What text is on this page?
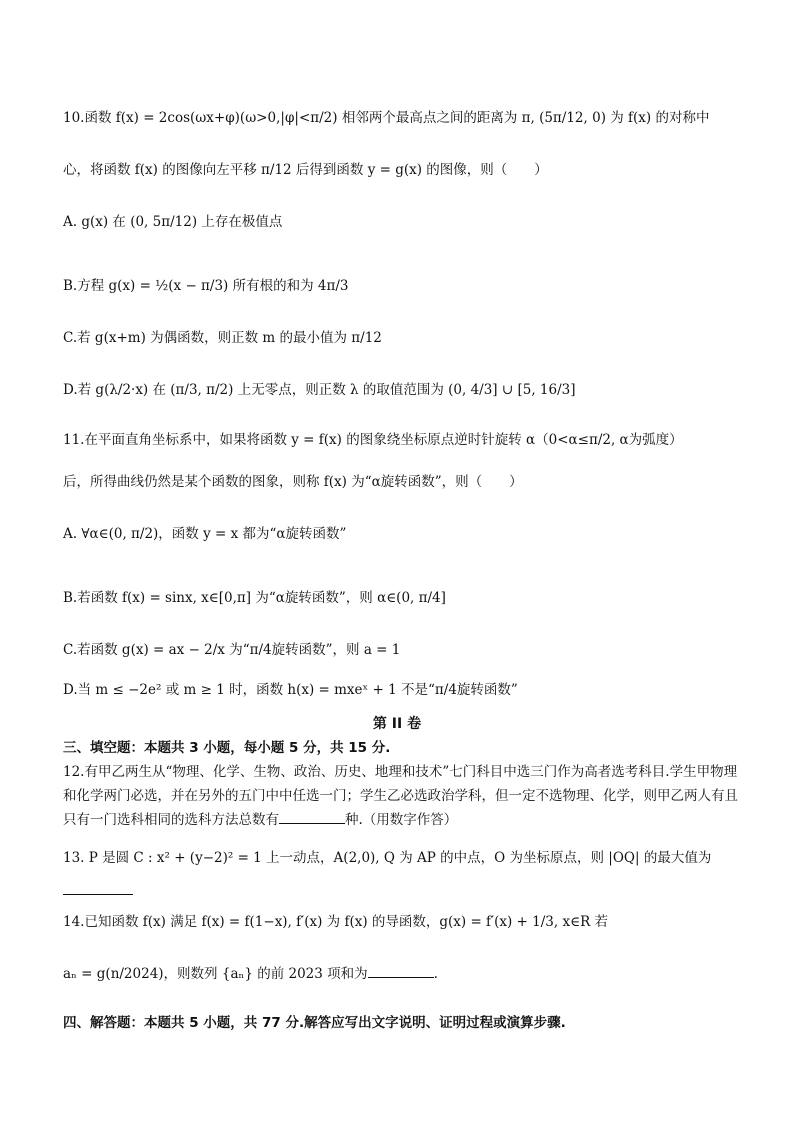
10.函数 f(x) = 2cos(ωx+φ)(ω>0,|φ|<π/2) 相邻两个最高点之间的距离为 π, (5π/12, 0) 为 f(x) 的对称中
心，将函数 f(x) 的图像向左平移 π/12 后得到函数 y = g(x) 的图像，则（　　）
A. g(x) 在 (0, 5π/12) 上存在极值点
B.方程 g(x) = ½(x − π/3) 所有根的和为 4π/3
C.若 g(x+m) 为偶函数，则正数 m 的最小值为 π/12
D.若 g(λ/2·x) 在 (π/3, π/2) 上无零点，则正数 λ 的取值范围为 (0, 4/3] ∪ [5, 16/3]
11.在平面直角坐标系中，如果将函数 y = f(x) 的图象绕坐标原点逆时针旋转 α（0<α≤π/2, α为弧度）
后，所得曲线仍然是某个函数的图象，则称 f(x) 为“α旋转函数”，则（　　）
A. ∀α∈(0, π/2)，函数 y = x 都为“α旋转函数”
B.若函数 f(x) = sinx, x∈[0,π] 为“α旋转函数”，则 α∈(0, π/4]
C.若函数 g(x) = ax − 2/x 为“π/4旋转函数”，则 a = 1
D.当 m ≤ −2e² 或 m ≥ 1 时，函数 h(x) = mxeˣ + 1 不是“π/4旋转函数”
第 II 卷
三、填空题：本题共 3 小题，每小题 5 分，共 15 分.
12.有甲乙两生从“物理、化学、生物、政治、历史、地理和技术”七门科目中选三门作为高者选考科目.学生甲物理和化学两门必选，并在另外的五门中中任选一门；学生乙必选政治学科，但一定不选物理、化学，则甲乙两人有且只有一门选科相同的选科方法总数有	种.（用数字作答）
13. P 是圆 C : x² + (y−2)² = 1 上一动点，A(2,0), Q 为 AP 的中点，O 为坐标原点，则 |OQ| 的最大值为
14.已知函数 f(x) 满足 f(x) = f(1−x), f′(x) 为 f(x) 的导函数，g(x) = f′(x) + 1/3, x∈R 若
aₙ = g(n/2024)，则数列 {aₙ} 的前 2023 项和为	.
四、解答题：本题共 5 小题，共 77 分.解答应写出文字说明、证明过程或演算步骤.
